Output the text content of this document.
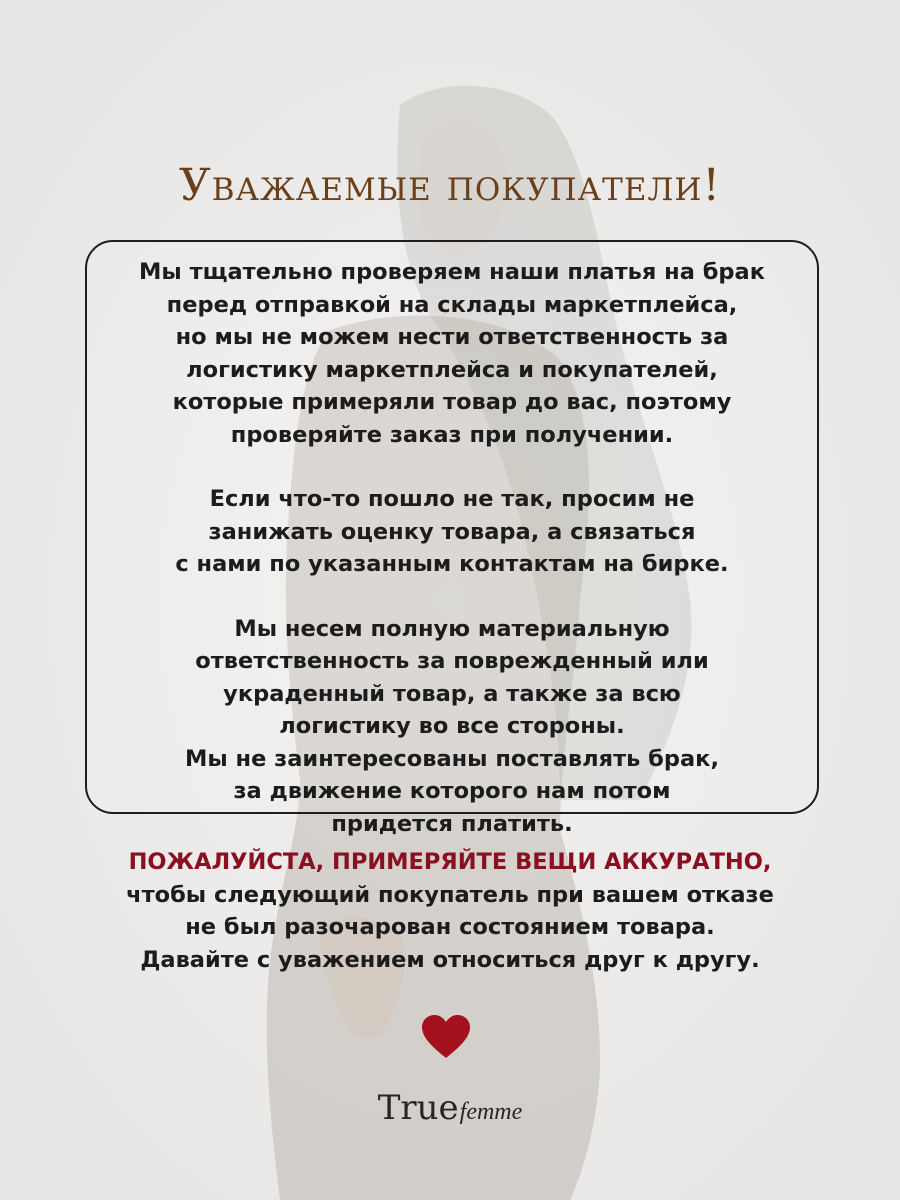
Уважаемые покупатели!
Мы тщательно проверяем наши платья на брак
перед отправкой на склады маркетплейса,
но мы не можем нести ответственность за
логистику маркетплейса и покупателей,
которые примеряли товар до вас, поэтому
проверяйте заказ при получении.
Если что-то пошло не так, просим не
занижать оценку товара, а связаться
с нами по указанным контактам на бирке.
Мы несем полную материальную
ответственность за поврежденный или
украденный товар, а также за всю
логистику во все стороны.
Мы не заинтересованы поставлять брак,
за движение которого нам потом
придется платить.
ПОЖАЛУЙСТА, ПРИМЕРЯЙТЕ ВЕЩИ АККУРАТНО,
чтобы следующий покупатель при вашем отказе
не был разочарован состоянием товара.
Давайте с уважением относиться друг к другу.
Truefemme
